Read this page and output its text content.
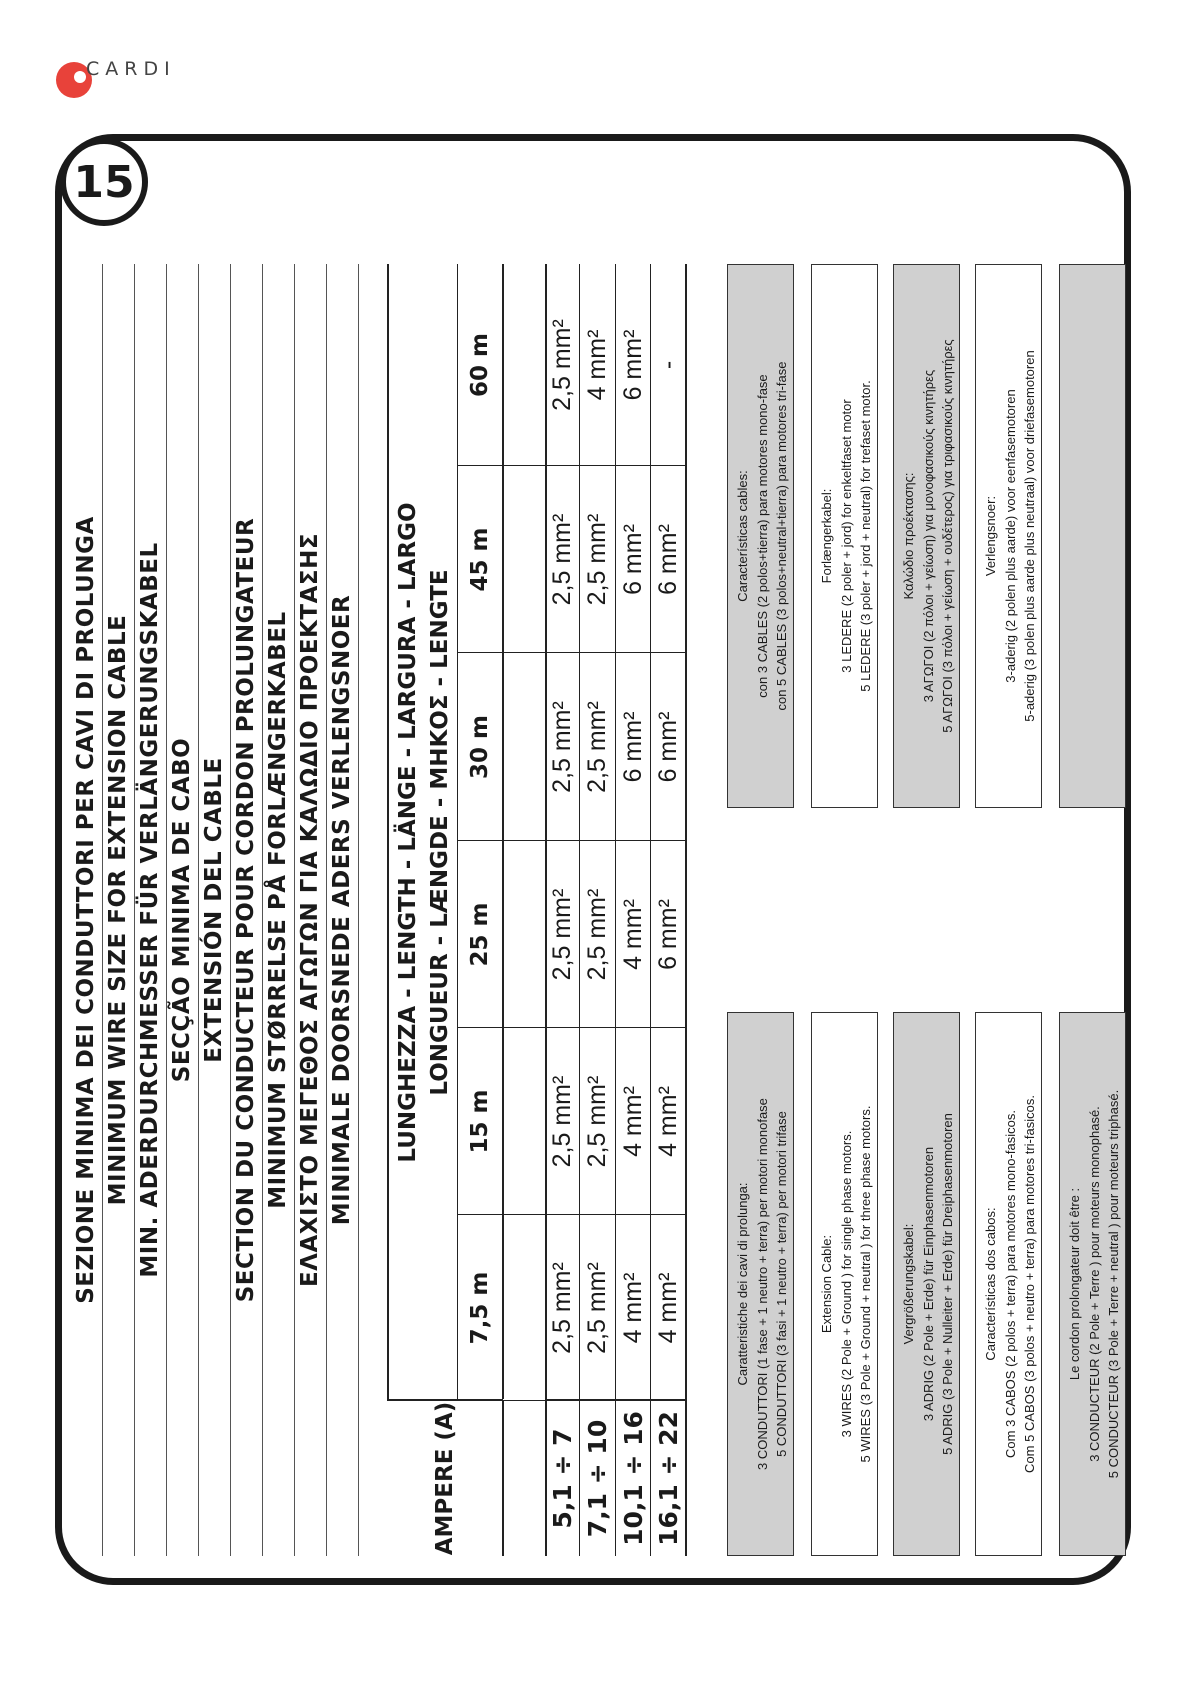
CARDI
15
SEZIONE MINIMA DEI CONDUTTORI PER CAVI DI PROLUNGA MINIMUM WIRE SIZE FOR EXTENSION CABLE MIN. ADERDURCHMESSER FÜR VERLÄNGERUNGSKABEL SECÇÃO MINIMA DE CABO EXTENSIÓN DEL CABLE SECTION DU CONDUCTEUR POUR CORDON PROLUNGATEUR MINIMUM STØRRELSE PÅ FORLÆNGERKABEL ΕΛΑΧΙΣΤΟ ΜΕΓΕΘΟΣ ΑΓΩΓΩΝ ΓΙΑ ΚΑΛΩΔΙΟ ΠΡΟΕΚΤΑΣΗΣ MINIMALE DOORSNEDE ADERS VERLENGSNOER
AMPERE (A)
LUNGHEZZA - LENGTH - LÄNGE - LARGURA - LARGO LONGUEUR - LÆNGDE - ΜΗΚΟΣ - LENGTE
7,5 m
15 m
25 m
30 m
45 m
60 m
5,1 ÷ 7
2,5 mm²
2,5 mm²
2,5 mm²
2,5 mm²
2,5 mm²
2,5 mm²
7,1 ÷ 10
2,5 mm²
2,5 mm²
2,5 mm²
2,5 mm²
2,5 mm²
4 mm²
10,1 ÷ 16
4 mm²
4 mm²
4 mm²
6 mm²
6 mm²
6 mm²
16,1 ÷ 22
4 mm²
4 mm²
6 mm²
6 mm²
6 mm²
-
Caratteristiche dei cavi di prolunga: 3 CONDUTTORI (1 fase + 1 neutro + terra) per motori monofase 5 CONDUTTORI (3 fasi + 1 neutro + terra) per motori trifase
Características cables: con 3 CABLES (2 polos+tierra) para motores mono-fase con 5 CABLES (3 polos+neutral+tierra) para motores tri-fase
Extension Cable: 3 WIRES (2 Pole + Ground ) for single phase motors. 5 WIRES (3 Pole + Ground + neutral ) for three phase motors.
Forlængerkabel: 3 LEDERE (2 poler + jord) for enkeltfaset motor 5 LEDERE (3 poler + jord + neutral) for trefaset motor.
Vergrößerungskabel: 3 ADRIG (2 Pole + Erde) für Einphasenmotoren 5 ADRIG (3 Pole + Nulleiter + Erde) für Dreiphasenmotoren
Καλώδιο προέκτασης: 3 ΑΓΩΓΟΙ (2 πόλοι + γείωση) για μονοφασικούς κινητήρες 5 ΑΓΩΓΟΙ (3 πόλοι + γείωση + ουδέτερος) για τριφασικούς κινητήρες
Características dos cabos: Com 3 CABOS (2 polos + terra) para motores mono-fasicos. Com 5 CABOS (3 polos + neutro + terra) para motores tri-fasicos.
Verlengsnoer: 3-aderig (2 polen plus aarde) voor eenfasemotoren 5-aderig (3 polen plus aarde plus neutraal) voor driefasemotoren
Le cordon prolongateur doit être : 3 CONDUCTEUR (2 Pole + Terre ) pour moteurs monophasé. 5 CONDUCTEUR (3 Pole + Terre + neutral ) pour moteurs triphasé.
